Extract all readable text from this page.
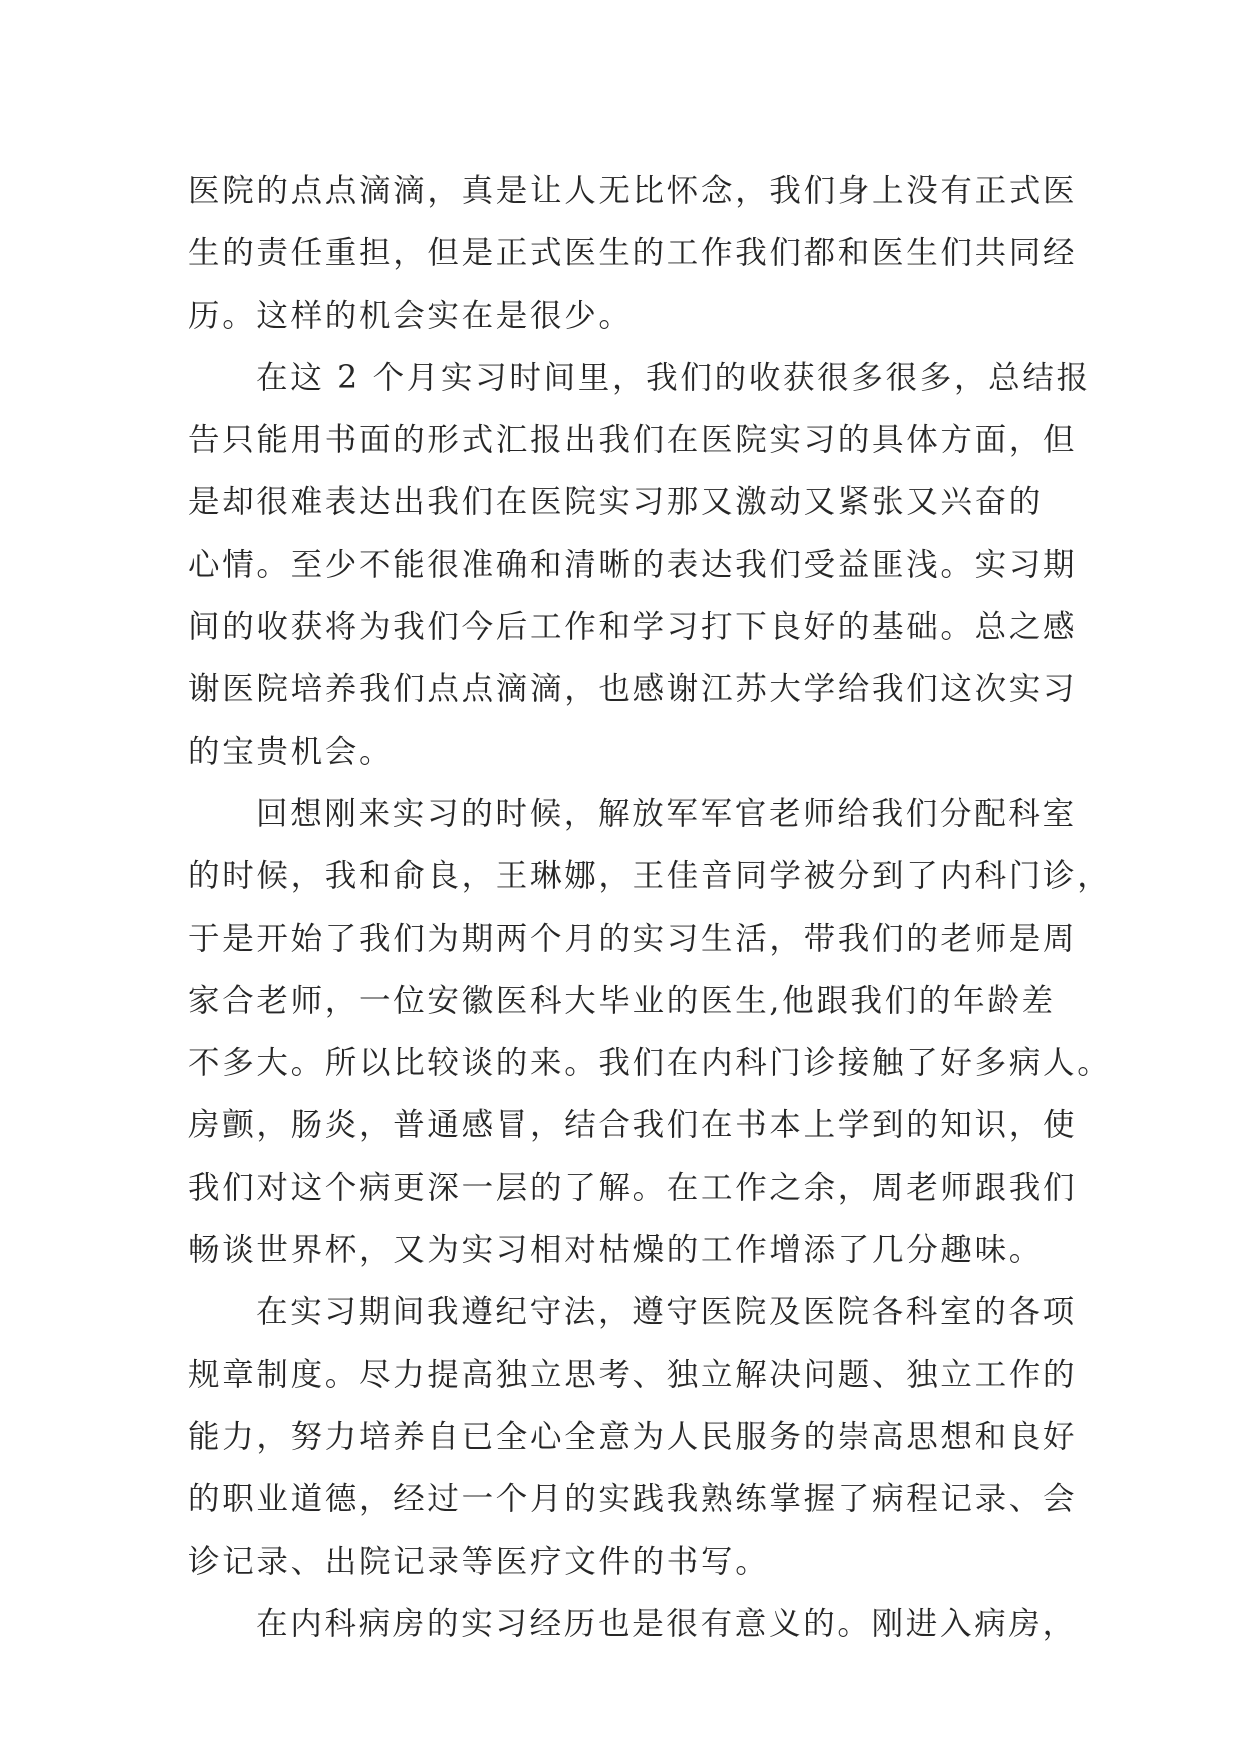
医院的点点滴滴，真是让人无比怀念，我们身上没有正式医
生的责任重担，但是正式医生的工作我们都和医生们共同经
历。这样的机会实在是很少。
在这 2 个月实习时间里，我们的收获很多很多，总结报
告只能用书面的形式汇报出我们在医院实习的具体方面，但
是却很难表达出我们在医院实习那又激动又紧张又兴奋的
心情。至少不能很准确和清晰的表达我们受益匪浅。实习期
间的收获将为我们今后工作和学习打下良好的基础。总之感
谢医院培养我们点点滴滴，也感谢江苏大学给我们这次实习
的宝贵机会。
回想刚来实习的时候，解放军军官老师给我们分配科室
的时候，我和俞良，王琳娜，王佳音同学被分到了内科门诊，
于是开始了我们为期两个月的实习生活，带我们的老师是周
家合老师，一位安徽医科大毕业的医生,他跟我们的年龄差
不多大。所以比较谈的来。我们在内科门诊接触了好多病人。
房颤，肠炎，普通感冒，结合我们在书本上学到的知识，使
我们对这个病更深一层的了解。在工作之余，周老师跟我们
畅谈世界杯，又为实习相对枯燥的工作增添了几分趣味。
在实习期间我遵纪守法，遵守医院及医院各科室的各项
规章制度。尽力提高独立思考、独立解决问题、独立工作的
能力，努力培养自已全心全意为人民服务的崇高思想和良好
的职业道德，经过一个月的实践我熟练掌握了病程记录、会
诊记录、出院记录等医疗文件的书写。
在内科病房的实习经历也是很有意义的。刚进入病房，
